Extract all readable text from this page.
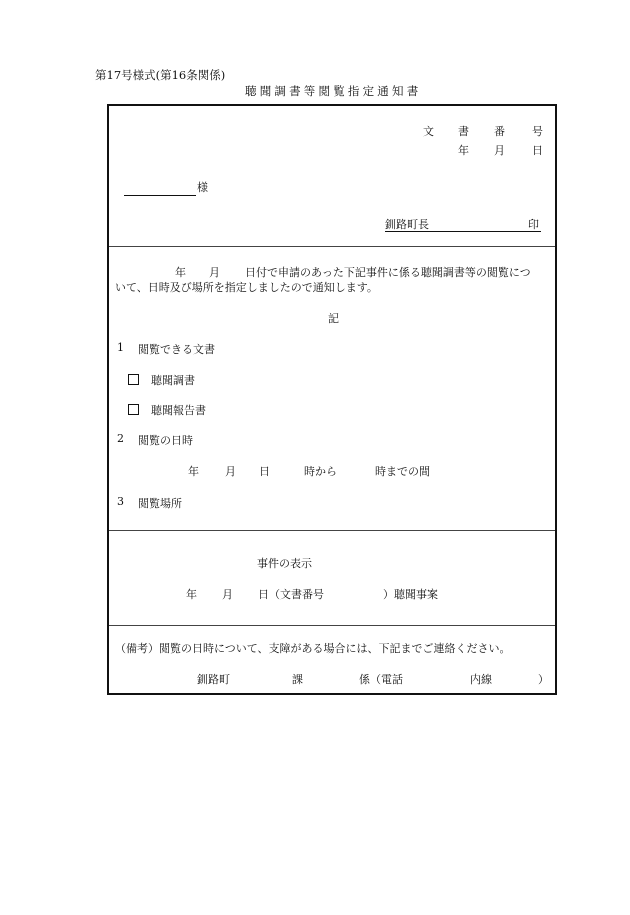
第17号様式(第16条関係)
聴聞調書等閲覧指定通知書
文 書 番 号
年 月 日
様
釧路町長	印
年 月 日付で申請のあった下記事件に係る聴聞調書等の閲覧につ
いて、日時及び場所を指定しましたので通知します。
記
1 閲覧できる文書
聴聞調書
聴聞報告書
2 閲覧の日時
年 月 日	時から	時までの間
3 閲覧場所
事件の表示
年 月 日（文書番号	）聴聞事案
（備考）閲覧の日時について、支障がある場合には、下記までご連絡ください。
釧路町	課	係（電話	内線	）
